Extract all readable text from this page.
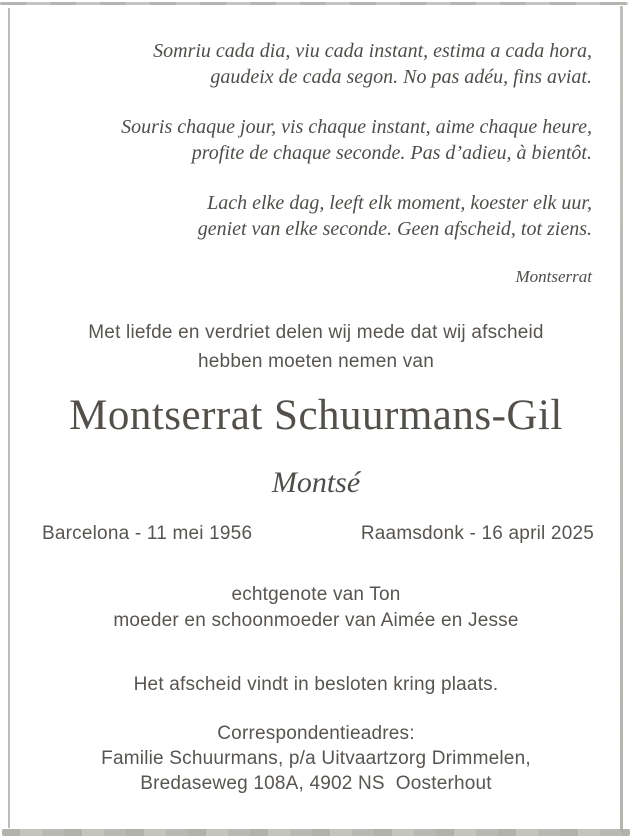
Somriu cada dia, viu cada instant, estima a cada hora,
gaudeix de cada segon. No pas adéu, fins aviat.
Souris chaque jour, vis chaque instant, aime chaque heure,
profite de chaque seconde. Pas d’adieu, à bientôt.
Lach elke dag, leeft elk moment, koester elk uur,
geniet van elke seconde. Geen afscheid, tot ziens.
Montserrat
Met liefde en verdriet delen wij mede dat wij afscheid
hebben moeten nemen van
Montserrat Schuurmans-Gil
Montsé
Barcelona - 11 mei 1956	Raamsdonk - 16 april 2025
echtgenote van Ton
moeder en schoonmoeder van Aimée en Jesse
Het afscheid vindt in besloten kring plaats.
Correspondentieadres:
Familie Schuurmans, p/a Uitvaartzorg Drimmelen,
Bredaseweg 108A, 4902 NS  Oosterhout
